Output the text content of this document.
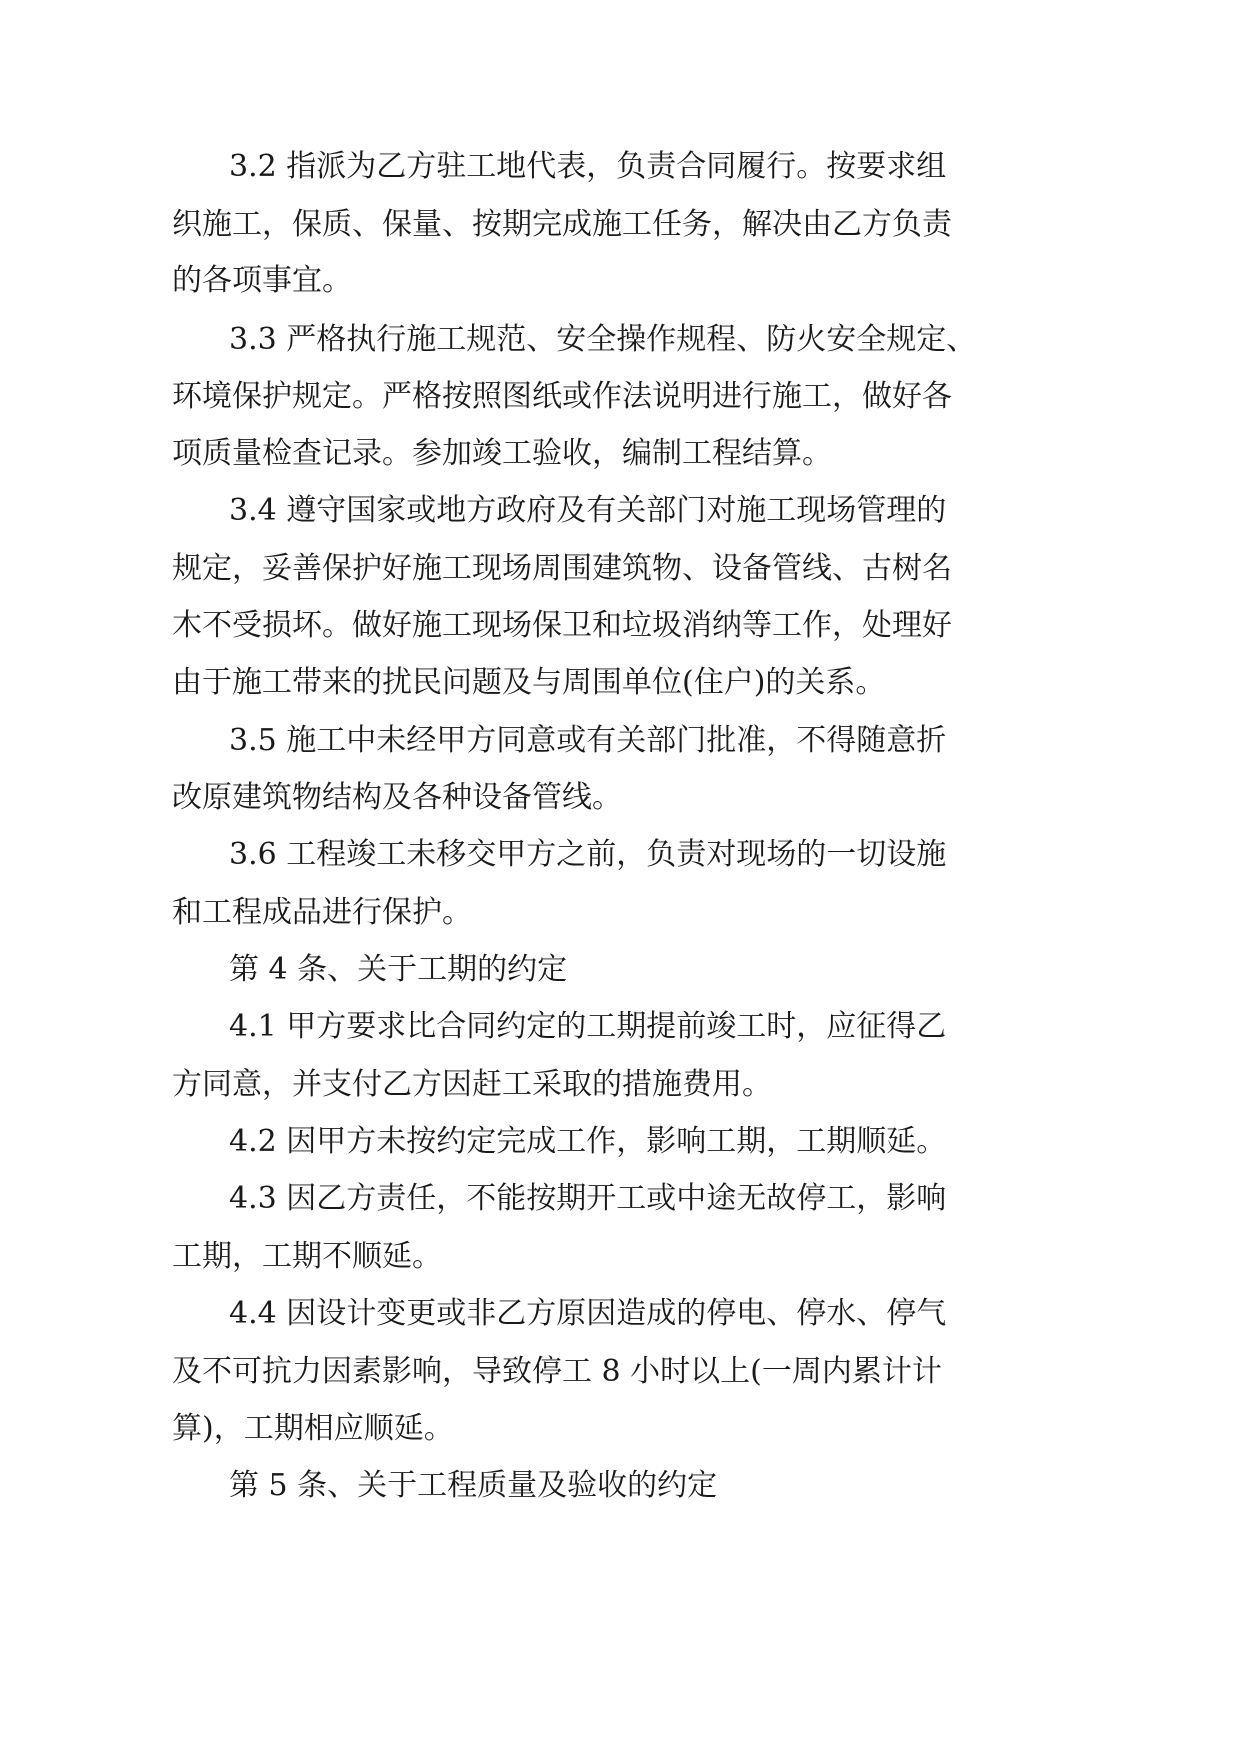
3.2 指派为乙方驻工地代表，负责合同履行。按要求组
织施工，保质、保量、按期完成施工任务，解决由乙方负责
的各项事宜。
3.3 严格执行施工规范、安全操作规程、防火安全规定、
环境保护规定。严格按照图纸或作法说明进行施工，做好各
项质量检查记录。参加竣工验收，编制工程结算。
3.4 遵守国家或地方政府及有关部门对施工现场管理的
规定，妥善保护好施工现场周围建筑物、设备管线、古树名
木不受损坏。做好施工现场保卫和垃圾消纳等工作，处理好
由于施工带来的扰民问题及与周围单位(住户)的关系。
3.5 施工中未经甲方同意或有关部门批准，不得随意折
改原建筑物结构及各种设备管线。
3.6 工程竣工未移交甲方之前，负责对现场的一切设施
和工程成品进行保护。
第 4 条、关于工期的约定
4.1 甲方要求比合同约定的工期提前竣工时，应征得乙
方同意，并支付乙方因赶工采取的措施费用。
4.2 因甲方未按约定完成工作，影响工期，工期顺延。
4.3 因乙方责任，不能按期开工或中途无故停工，影响
工期，工期不顺延。
4.4 因设计变更或非乙方原因造成的停电、停水、停气
及不可抗力因素影响，导致停工 8 小时以上(一周内累计计
算)，工期相应顺延。
第 5 条、关于工程质量及验收的约定
